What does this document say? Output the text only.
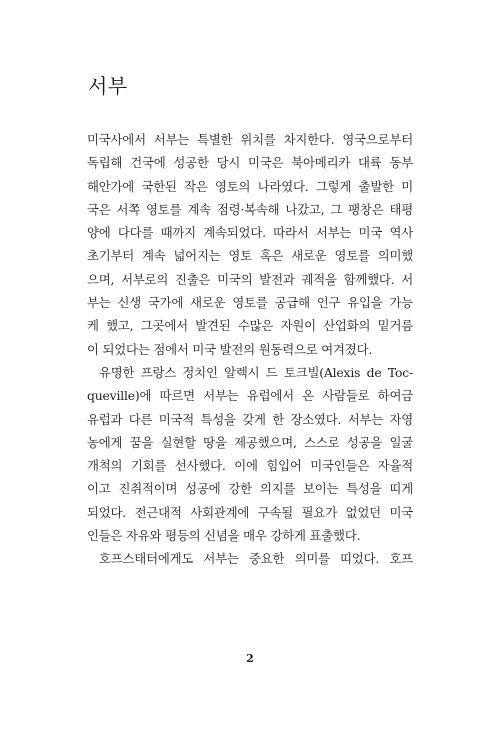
서부
미국사에서 서부는 특별한 위치를 차지한다. 영국으로부터
독립해 건국에 성공한 당시 미국은 북아메리카 대륙 동부
해안가에 국한된 작은 영토의 나라였다. 그렇게 출발한 미
국은 서쪽 영토를 계속 점령·복속해 나갔고, 그 팽창은 태평
양에 다다를 때까지 계속되었다. 따라서 서부는 미국 역사
초기부터 계속 넓어지는 영토 혹은 새로운 영토를 의미했
으며, 서부로의 진출은 미국의 발전과 궤적을 함께했다. 서
부는 신생 국가에 새로운 영토를 공급해 인구 유입을 가능
케 했고, 그곳에서 발견된 수많은 자원이 산업화의 밑거름
이 되었다는 점에서 미국 발전의 원동력으로 여겨졌다.
유명한 프랑스 정치인 알렉시 드 토크빌(Alexis de Toc-
queville)에 따르면 서부는 유럽에서 온 사람들로 하여금
유럽과 다른 미국적 특성을 갖게 한 장소였다. 서부는 자영
농에게 꿈을 실현할 땅을 제공했으며, 스스로 성공을 일굴
개척의 기회를 선사했다. 이에 힘입어 미국인들은 자율적
이고 진취적이며 성공에 강한 의지를 보이는 특성을 띠게
되었다. 전근대적 사회관계에 구속될 필요가 없었던 미국
인들은 자유와 평등의 신념을 매우 강하게 표출했다.
호프스태터에게도 서부는 중요한 의미를 띠었다. 호프
2
